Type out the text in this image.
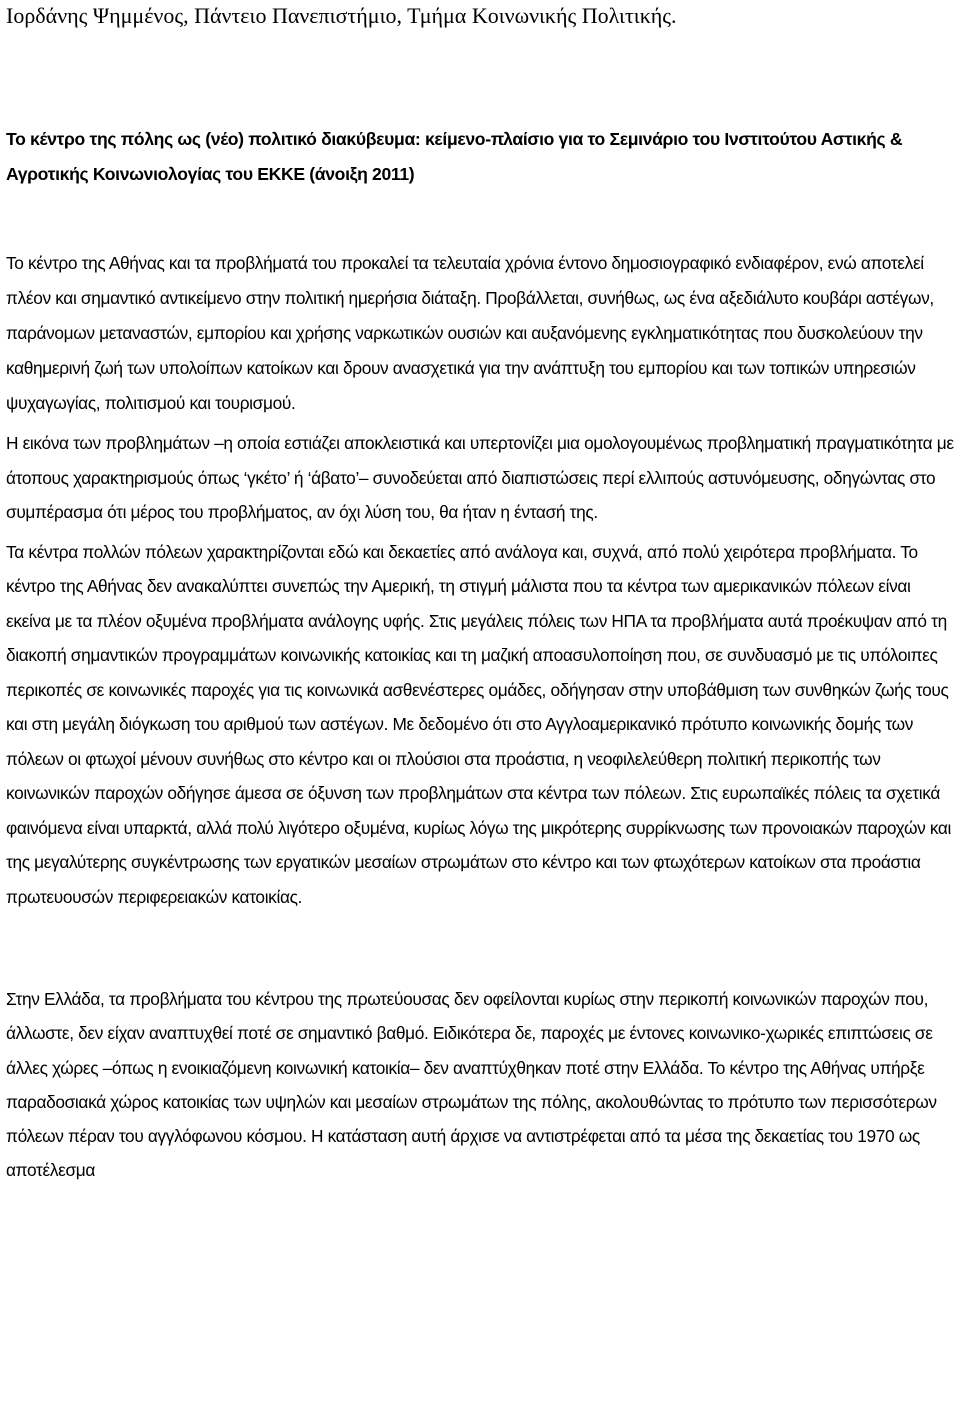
Ιορδάνης Ψημμένος, Πάντειο Πανεπιστήμιο, Τμήμα Κοινωνικής Πολιτικής.

Το κέντρο της πόλης ως (νέο) πολιτικό διακύβευμα: κείμενο-πλαίσιο για το Σεμινάριο του Ινστιτούτου Αστικής & Αγροτικής Κοινωνιολογίας του ΕΚΚΕ (άνοιξη 2011)

Το κέντρο της Αθήνας και τα προβλήματά του προκαλεί τα τελευταία χρόνια έντονο δημοσιογραφικό ενδιαφέρον, ενώ αποτελεί πλέον και σημαντικό αντικείμενο στην πολιτική ημερήσια διάταξη. Προβάλλεται, συνήθως, ως ένα αξεδιάλυτο κουβάρι αστέγων, παράνομων μεταναστών, εμπορίου και χρήσης ναρκωτικών ουσιών και αυξανόμενης εγκληματικότητας που δυσκολεύουν την καθημερινή ζωή των υπολοίπων κατοίκων και δρουν ανασχετικά για την ανάπτυξη του εμπορίου και των τοπικών υπηρεσιών ψυχαγωγίας, πολιτισμού και τουρισμού.

Η εικόνα των προβλημάτων –η οποία εστιάζει αποκλειστικά και υπερτονίζει μια ομολογουμένως προβληματική πραγματικότητα με άτοπους χαρακτηρισμούς όπως ‘γκέτο’ ή ‘άβατο’– συνοδεύεται από διαπιστώσεις περί ελλιπούς αστυνόμευσης, οδηγώντας στο συμπέρασμα ότι μέρος του προβλήματος, αν όχι λύση του, θα ήταν η έντασή της.

Τα κέντρα πολλών πόλεων χαρακτηρίζονται εδώ και δεκαετίες από ανάλογα και, συχνά, από πολύ χειρότερα προβλήματα. Το κέντρο της Αθήνας δεν ανακαλύπτει συνεπώς την Αμερική, τη στιγμή μάλιστα που τα κέντρα των αμερικανικών πόλεων είναι εκείνα με τα πλέον οξυμένα προβλήματα ανάλογης υφής. Στις μεγάλεις πόλεις των ΗΠΑ τα προβλήματα αυτά προέκυψαν από τη διακοπή σημαντικών προγραμμάτων κοινωνικής κατοικίας και τη μαζική αποασυλοποίηση που, σε συνδυασμό με τις υπόλοιπες περικοπές σε κοινωνικές παροχές για τις κοινωνικά ασθενέστερες ομάδες, οδήγησαν στην υποβάθμιση των συνθηκών ζωής τους και στη μεγάλη διόγκωση του αριθμού των αστέγων. Με δεδομένο ότι στο Αγγλοαμερικανικό πρότυπο κοινωνικής δομής των πόλεων οι φτωχοί μένουν συνήθως στο κέντρο και οι πλούσιοι στα προάστια, η νεοφιλελεύθερη πολιτική περικοπής των κοινωνικών παροχών οδήγησε άμεσα σε όξυνση των προβλημάτων στα κέντρα των πόλεων. Στις ευρωπαϊκές πόλεις τα σχετικά φαινόμενα είναι υπαρκτά, αλλά πολύ λιγότερο οξυμένα, κυρίως λόγω της μικρότερης συρρίκνωσης των προνοιακών παροχών και της μεγαλύτερης συγκέντρωσης των εργατικών μεσαίων στρωμάτων στο κέντρο και των φτωχότερων κατοίκων στα προάστια πρωτευουσών περιφερειακών κατοικίας.

Στην Ελλάδα, τα προβλήματα του κέντρου της πρωτεύουσας δεν οφείλονται κυρίως στην περικοπή κοινωνικών παροχών που, άλλωστε, δεν είχαν αναπτυχθεί ποτέ σε σημαντικό βαθμό. Ειδικότερα δε, παροχές με έντονες κοινωνικο-χωρικές επιπτώσεις σε άλλες χώρες –όπως η ενοικιαζόμενη κοινωνική κατοικία– δεν αναπτύχθηκαν ποτέ στην Ελλάδα. Το κέντρο της Αθήνας υπήρξε παραδοσιακά χώρος κατοικίας των υψηλών και μεσαίων στρωμάτων της πόλης, ακολουθώντας το πρότυπο των περισσότερων πόλεων πέραν του αγγλόφωνου κόσμου. Η κατάσταση αυτή άρχισε να αντιστρέφεται από τα μέσα της δεκαετίας του 1970 ως αποτέλεσμα
